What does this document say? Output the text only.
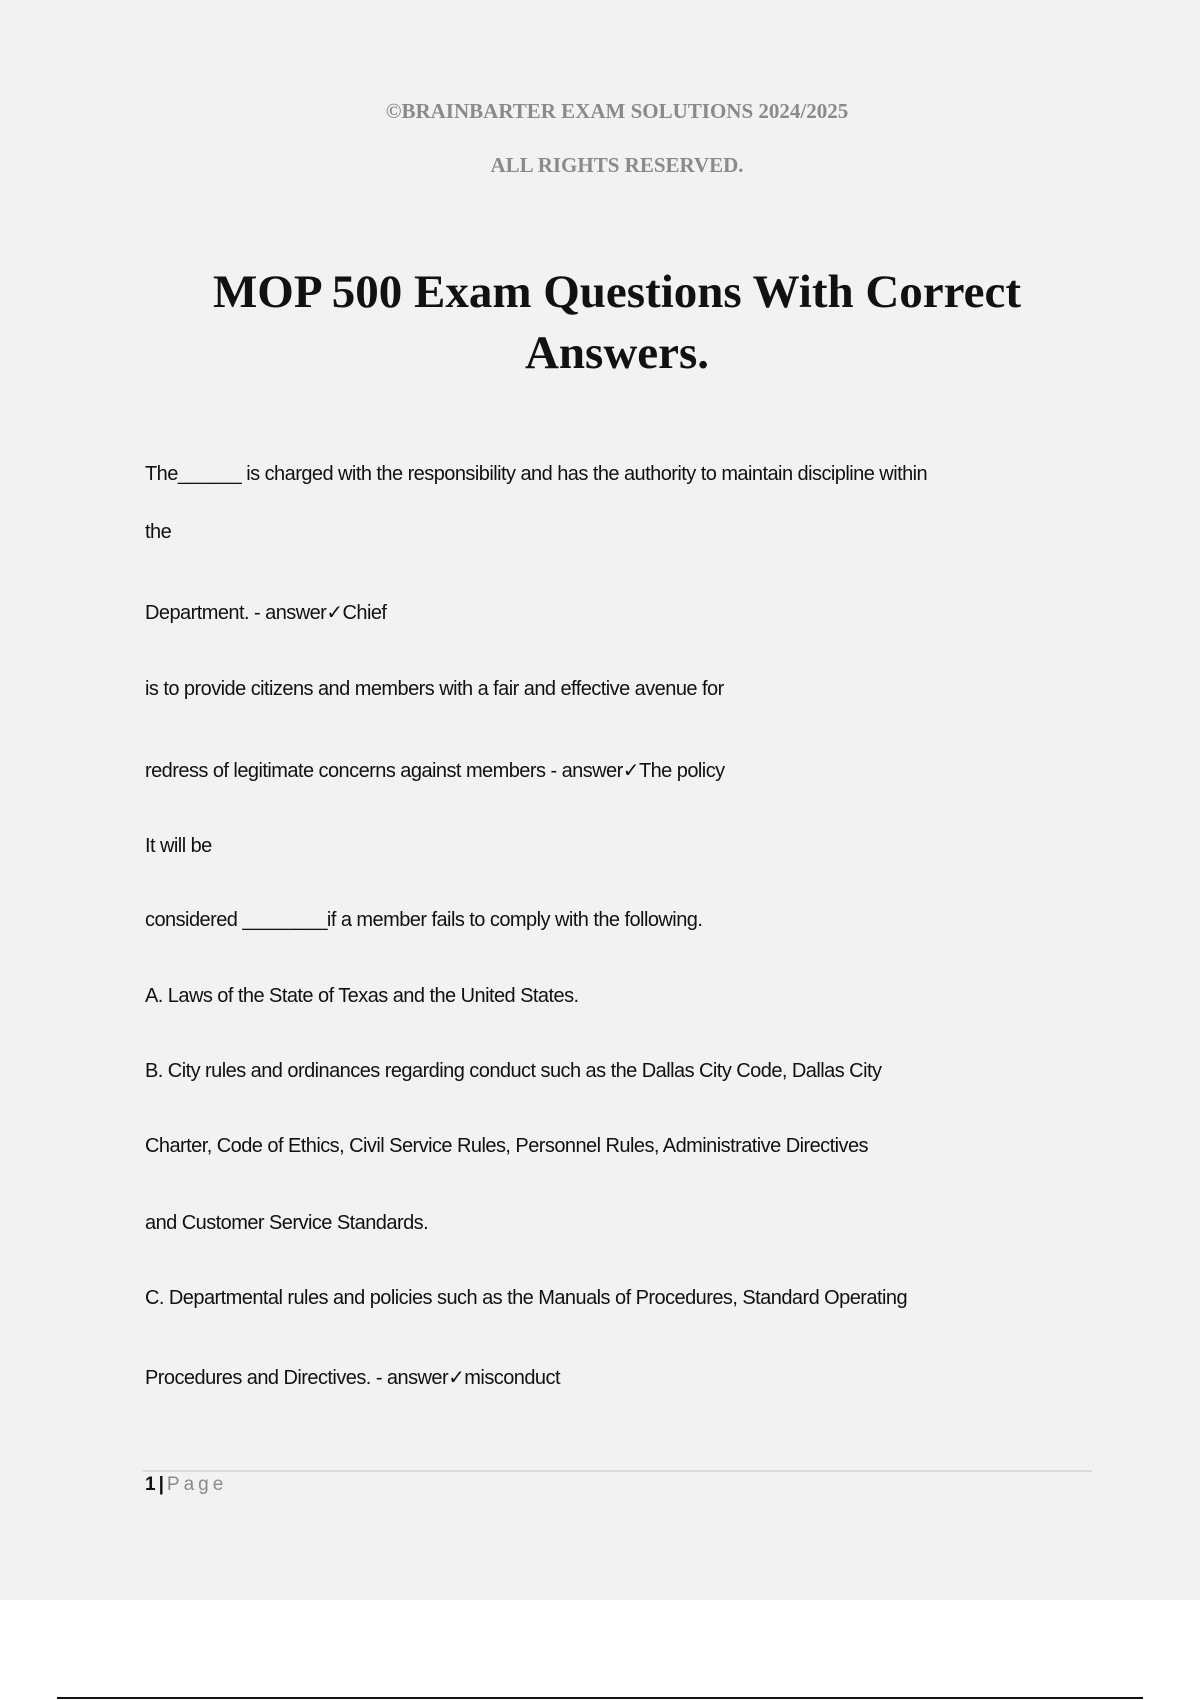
©BRAINBARTER EXAM SOLUTIONS 2024/2025
ALL RIGHTS RESERVED.
MOP 500 Exam Questions With Correct Answers.
The______ is charged with the responsibility and has the authority to maintain discipline within
the
Department. - answer✓Chief
is to provide citizens and members with a fair and effective avenue for
redress of legitimate concerns against members - answer✓The policy
It will be
considered ________if a member fails to comply with the following.
A. Laws of the State of Texas and the United States.
B. City rules and ordinances regarding conduct such as the Dallas City Code, Dallas City
Charter, Code of Ethics, Civil Service Rules, Personnel Rules, Administrative Directives
and Customer Service Standards.
C. Departmental rules and policies such as the Manuals of Procedures, Standard Operating
Procedures and Directives. - answer✓misconduct
1 | Page
